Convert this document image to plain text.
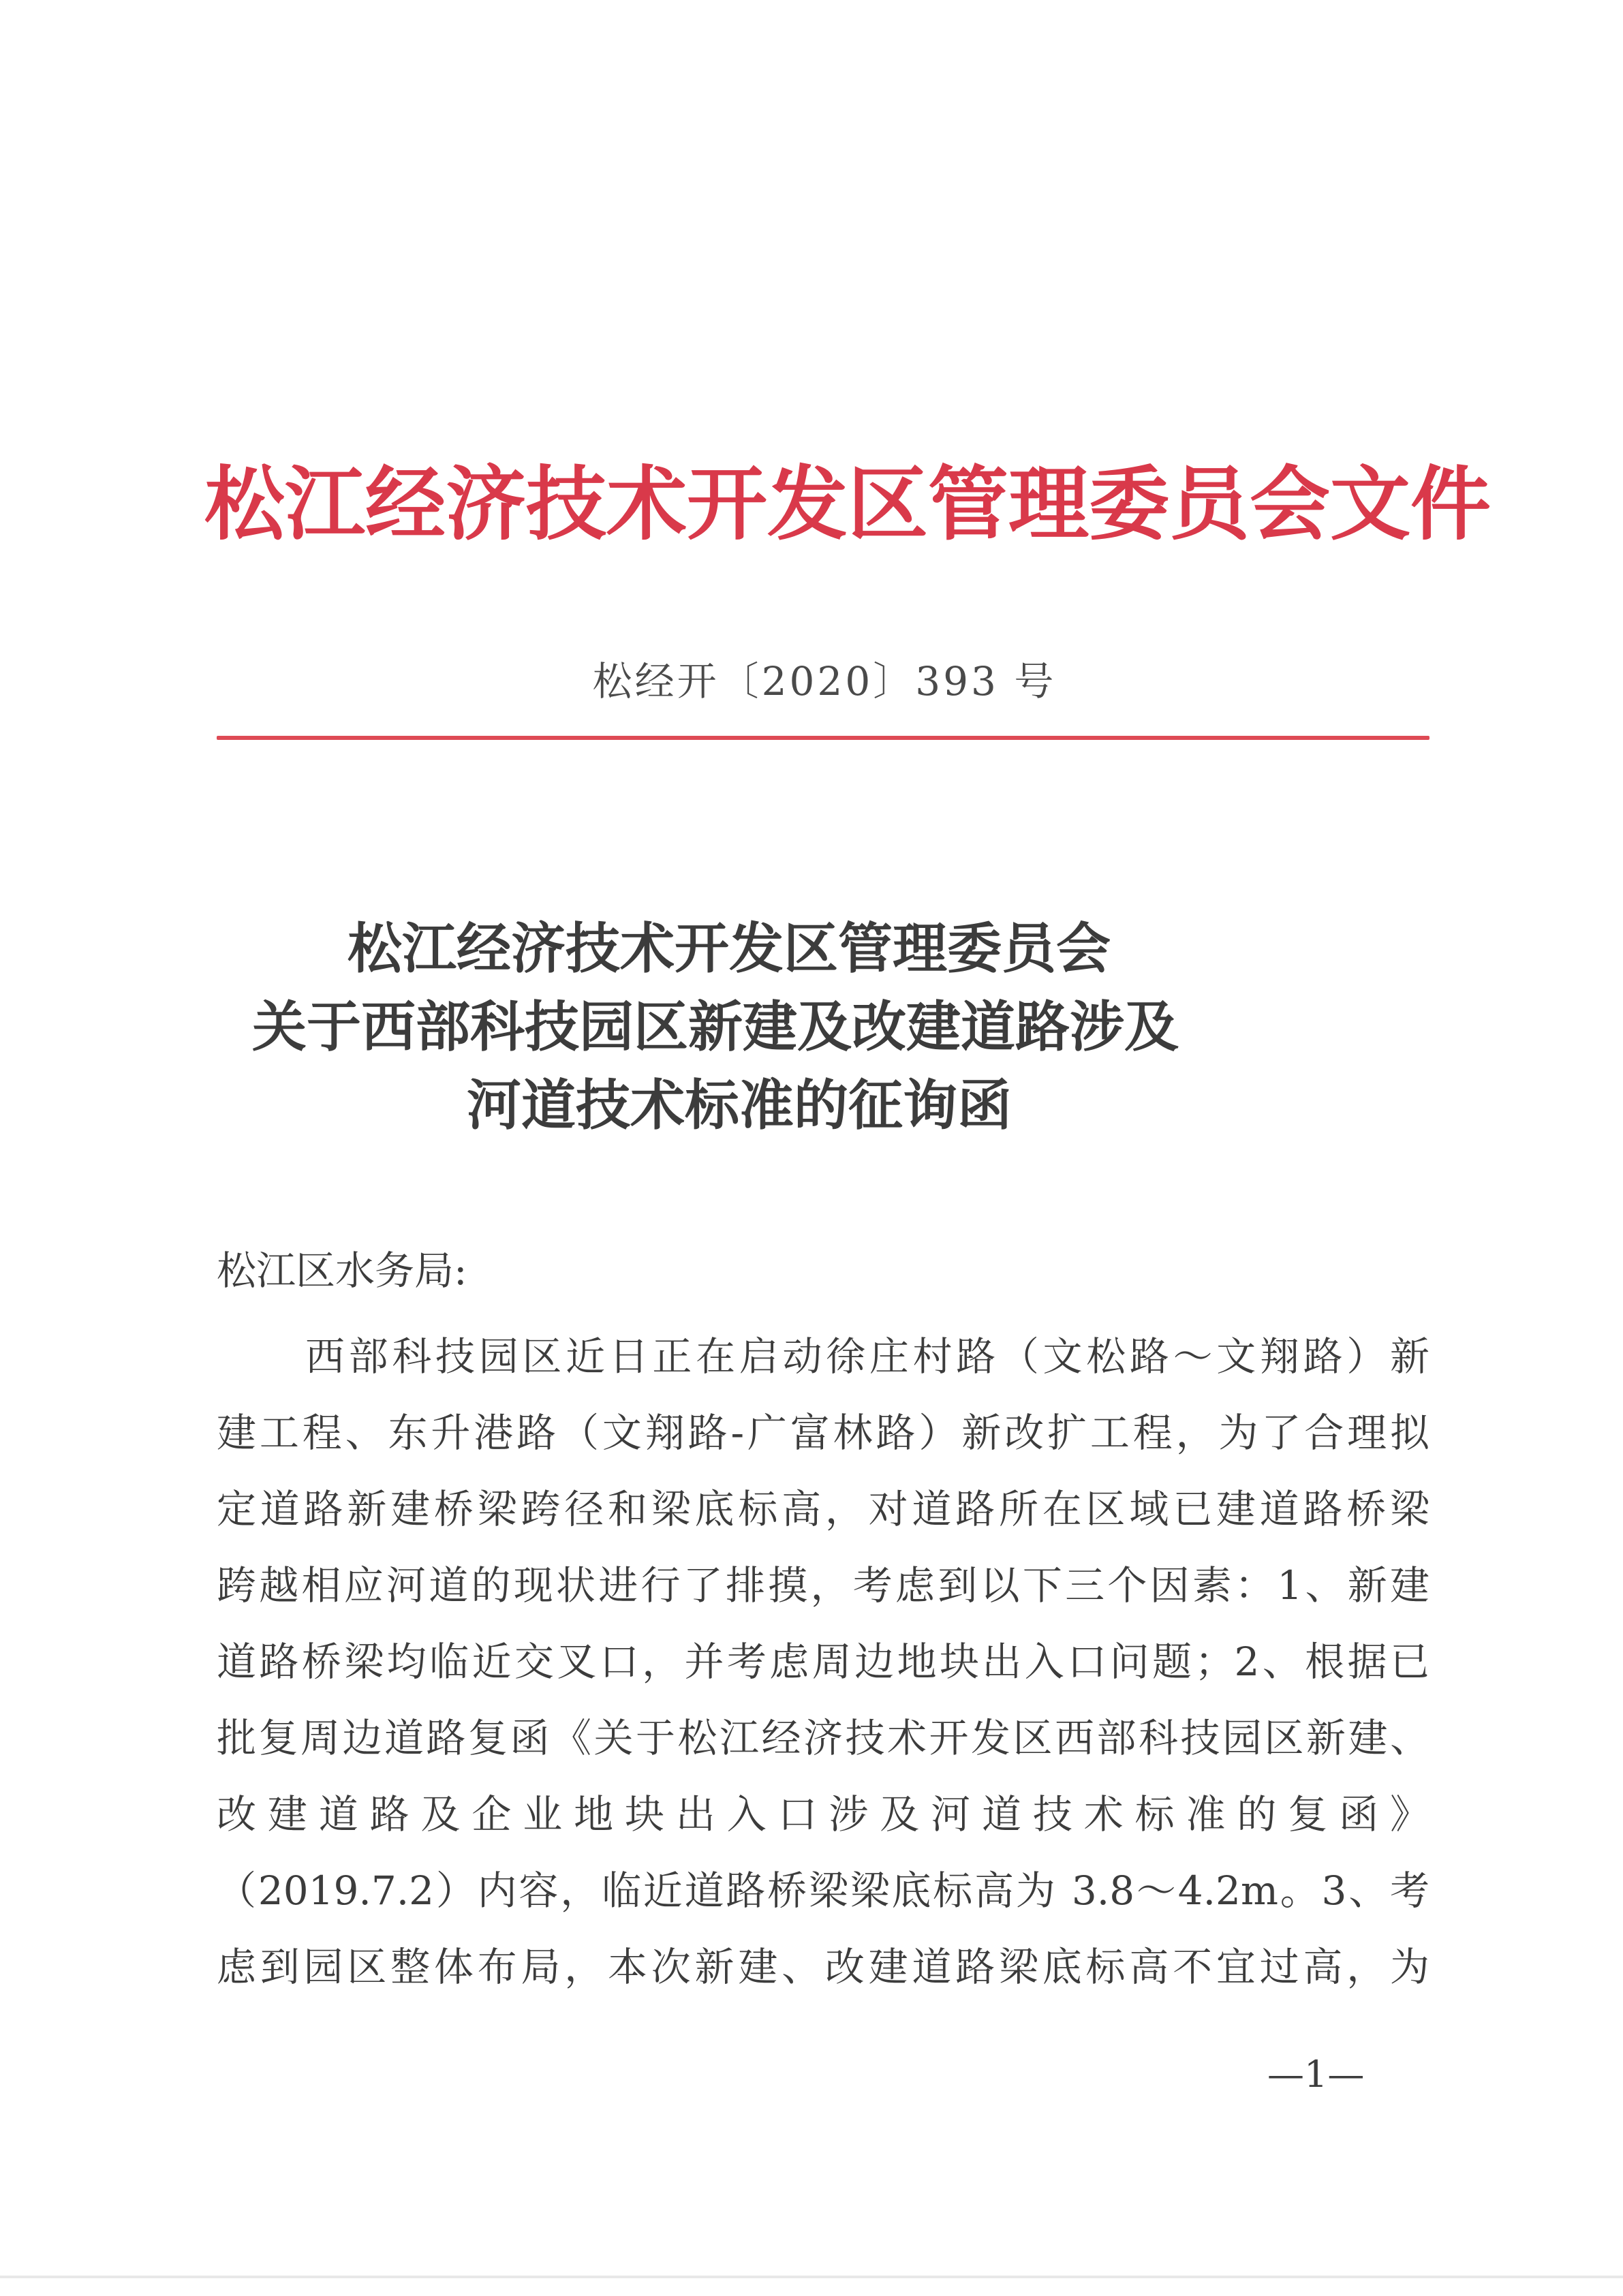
松江经济技术开发区管理委员会文件
松经开〔2020〕393 号
松江经济技术开发区管理委员会
关于西部科技园区新建及改建道路涉及
河道技术标准的征询函
松江区水务局:
西部科技园区近日正在启动徐庄村路（文松路～文翔路）新
建工程、东升港路（文翔路-广富林路）新改扩工程，为了合理拟
定道路新建桥梁跨径和梁底标高，对道路所在区域已建道路桥梁
跨越相应河道的现状进行了排摸，考虑到以下三个因素：1、新建
道路桥梁均临近交叉口，并考虑周边地块出入口问题；2、根据已
批复周边道路复函《关于松江经济技术开发区西部科技园区新建、
改建道路及企业地块出入口涉及河道技术标准的复函》
（2019.7.2）内容，临近道路桥梁梁底标高为 3.8～4.2m。3、考
虑到园区整体布局，本次新建、改建道路梁底标高不宜过高，为
—1—
